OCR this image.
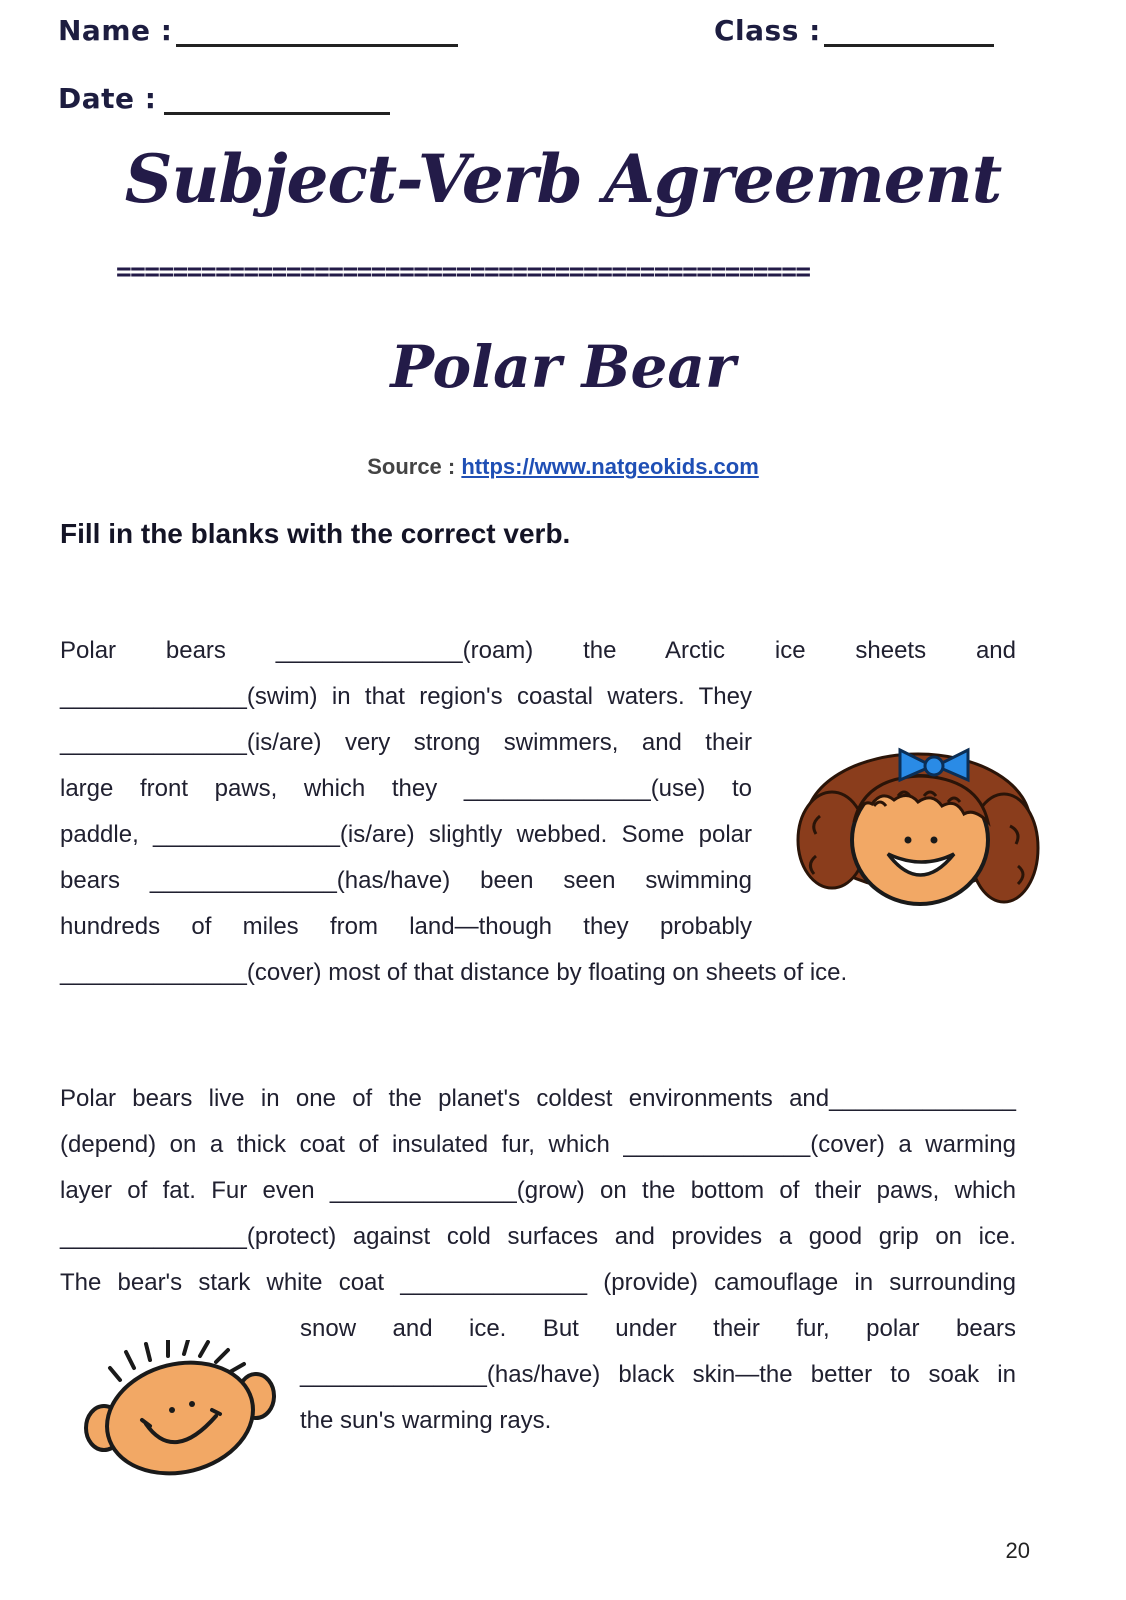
Name :	Class :
Date :
Subject-Verb Agreement
=================================================
Polar Bear
Source : https://www.natgeokids.com
Fill in the blanks with the correct verb.
Polar bears ______________(roam) the Arctic ice sheets and
______________(swim) in that region's coastal waters. They
______________(is/are) very strong swimmers, and their
large front paws, which they ______________(use) to
paddle, ______________(is/are) slightly webbed. Some polar
bears ______________(has/have) been seen swimming
hundreds of miles from land—though they probably
______________(cover) most of that distance by floating on sheets of ice.
Polar bears live in one of the planet's coldest environments and______________
(depend) on a thick coat of insulated fur, which ______________(cover) a warming
layer of fat. Fur even ______________(grow) on the bottom of their paws, which
______________(protect) against cold surfaces and provides a good grip on ice.
The bear's stark white coat ______________ (provide) camouflage in surrounding
snow and ice. But under their fur, polar bears
______________(has/have) black skin—the better to soak in
the sun's warming rays.
20
